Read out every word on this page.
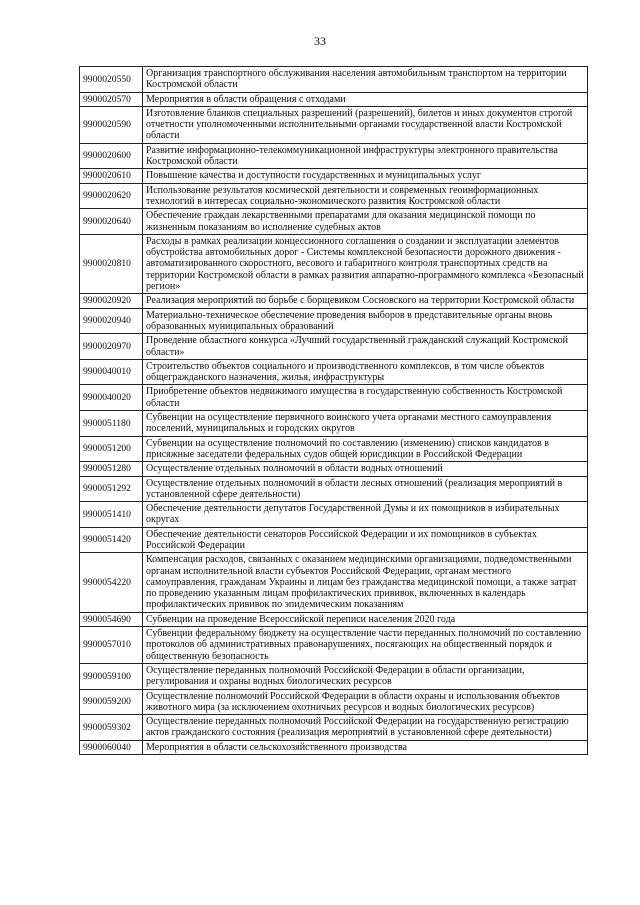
33
9900020550	Организация транспортного обслуживания населения автомобильным транспортом на территории Костромской области
9900020570	Мероприятия в области обращения с отходами
9900020590	Изготовление бланков специальных разрешений (разрешений), билетов и иных документов строгой отчетности уполномоченными исполнительными органами государственной власти Костромской области
9900020600	Развитие информационно-телекоммуникационной инфраструктуры электронного правительства Костромской области
9900020610	Повышение качества и доступности государственных и муниципальных услуг
9900020620	Использование результатов космической деятельности и современных геоинформационных технологий в интересах социально-экономического развития Костромской области
9900020640	Обеспечение граждан лекарственными препаратами для оказания медицинской помощи по жизненным показаниям во исполнение судебных актов
9900020810	Расходы в рамках реализации концессионного соглашения о создании и эксплуатации элементов обустройства автомобильных дорог - Системы комплексной безопасности дорожного движения - автоматизированного скоростного, весового и габаритного контроля транспортных средств на территории Костромской области в рамках развития аппаратно-программного комплекса «Безопасный регион»
9900020920	Реализация мероприятий по борьбе с борщевиком Сосновского на территории Костромской области
9900020940	Материально-техническое обеспечение проведения выборов в представительные органы вновь образованных муниципальных образований
9900020970	Проведение областного конкурса «Лучший государственный гражданский служащий Костромской области»
9900040010	Строительство объектов социального и производственного комплексов, в том числе объектов общегражданского назначения, жилья, инфраструктуры
9900040020	Приобретение объектов недвижимого имущества в государственную собственность Костромской области
9900051180	Субвенции на осуществление первичного воинского учета органами местного самоуправления поселений, муниципальных и городских округов
9900051200	Субвенции на осуществление полномочий по составлению (изменению) списков кандидатов в присяжные заседатели федеральных судов общей юрисдикции в Российской Федерации
9900051280	Осуществление отдельных полномочий в области водных отношений
9900051292	Осуществление отдельных полномочий в области лесных отношений (реализация мероприятий в установленной сфере деятельности)
9900051410	Обеспечение деятельности депутатов Государственной Думы и их помощников в избирательных округах
9900051420	Обеспечение деятельности сенаторов Российской Федерации и их помощников в субъектах Российской Федерации
9900054220	Компенсация расходов, связанных с оказанием медицинскими организациями, подведомственными органам исполнительной власти субъектов Российской Федерации, органам местного самоуправления, гражданам Украины и лицам без гражданства медицинской помощи, а также затрат по проведению указанным лицам профилактических прививок, включенных в календарь профилактических прививок по эпидемическим показаниям
9900054690	Субвенции на проведение Всероссийской переписи населения 2020 года
9900057010	Субвенции федеральному бюджету на осуществление части переданных полномочий по составлению протоколов об административных правонарушениях, посягающих на общественный порядок и общественную безопасность
9900059100	Осуществление переданных полномочий Российской Федерации в области организации, регулирования и охраны водных биологических ресурсов
9900059200	Осуществление полномочий Российской Федерации в области охраны и использования объектов животного мира (за исключением охотничьих ресурсов и водных биологических ресурсов)
9900059302	Осуществление переданных полномочий Российской Федерации на государственную регистрацию актов гражданского состояния (реализация мероприятий в установленной сфере деятельности)
9900060040	Мероприятия в области сельскохозяйственного производства
